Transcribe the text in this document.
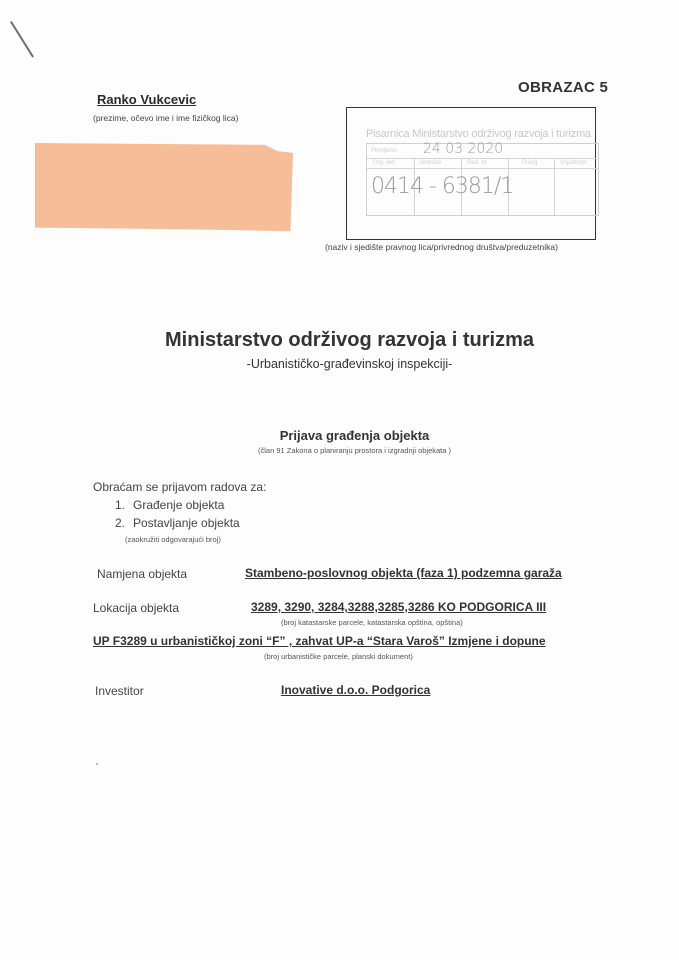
OBRAZAC 5
Ranko Vukcevic
(prezime, očevo ime i ime fizičkog lica)
Pisarnica Ministarstvo održivog razvoja i turizma
Primljeno:
Org. jed.	Jedinica	Red. br.	Prilog	Vrijednost
24 03 2020
0414 - 6381/1
(naziv i sjedište pravnog lica/privrednog društva/preduzetnika)
Ministarstvo održivog razvoja i turizma
-Urbanističko-građevinskoj inspekciji-
Prijava građenja objekta
(član 91 Zakona o planiranju prostora i izgradnji objekata )
Obraćam se prijavom radova za:
1. Građenje objekta
2. Postavljanje objekta
(zaokružiti odgovarajući broj)
Namjena objekta	Stambeno-poslovnog objekta (faza 1) podzemna garaža
Lokacija objekta	3289, 3290, 3284,3288,3285,3286 KO PODGORICA III
(broj katastarske parcele, katastarska opština, opština)
UP F3289 u urbanističkoj zoni “F” , zahvat UP-a “Stara Varoš” Izmjene i dopune
(broj urbanističke parcele, planski dokument)
Investitor	Inovative d.o.o. Podgorica
